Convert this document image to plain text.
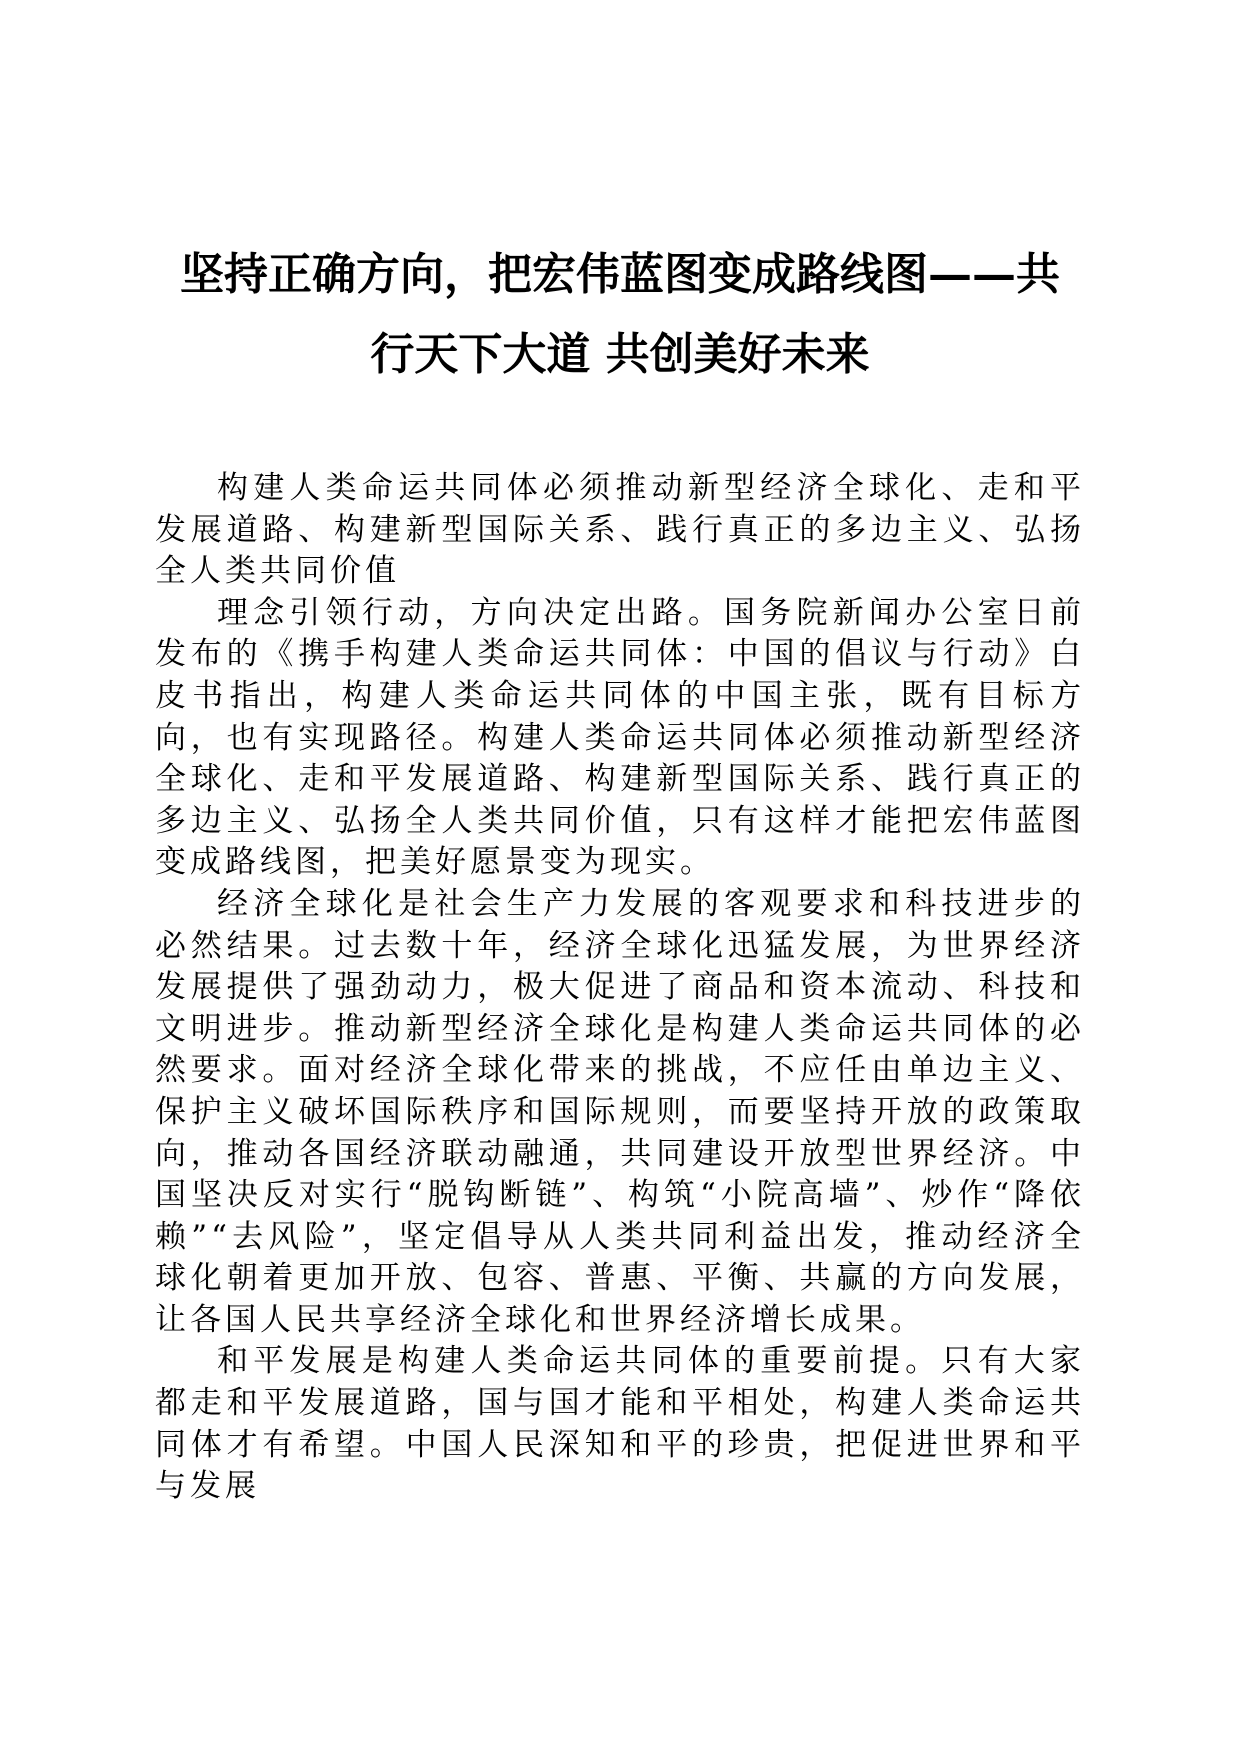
坚持正确方向，把宏伟蓝图变成路线图——共
行天下大道 共创美好未来

构建人类命运共同体必须推动新型经济全球化、走和平发展道路、构建新型国际关系、践行真正的多边主义、弘扬全人类共同价值

理念引领行动，方向决定出路。国务院新闻办公室日前发布的《携手构建人类命运共同体：中国的倡议与行动》白皮书指出，构建人类命运共同体的中国主张，既有目标方向，也有实现路径。构建人类命运共同体必须推动新型经济全球化、走和平发展道路、构建新型国际关系、践行真正的多边主义、弘扬全人类共同价值，只有这样才能把宏伟蓝图变成路线图，把美好愿景变为现实。

经济全球化是社会生产力发展的客观要求和科技进步的必然结果。过去数十年，经济全球化迅猛发展，为世界经济发展提供了强劲动力，极大促进了商品和资本流动、科技和文明进步。推动新型经济全球化是构建人类命运共同体的必然要求。面对经济全球化带来的挑战，不应任由单边主义、保护主义破坏国际秩序和国际规则，而要坚持开放的政策取向，推动各国经济联动融通，共同建设开放型世界经济。中国坚决反对实行“脱钩断链”、构筑“小院高墙”、炒作“降依赖”“去风险”，坚定倡导从人类共同利益出发，推动经济全球化朝着更加开放、包容、普惠、平衡、共赢的方向发展，让各国人民共享经济全球化和世界经济增长成果。

和平发展是构建人类命运共同体的重要前提。只有大家都走和平发展道路，国与国才能和平相处，构建人类命运共同体才有希望。中国人民深知和平的珍贵，把促进世界和平与发展
